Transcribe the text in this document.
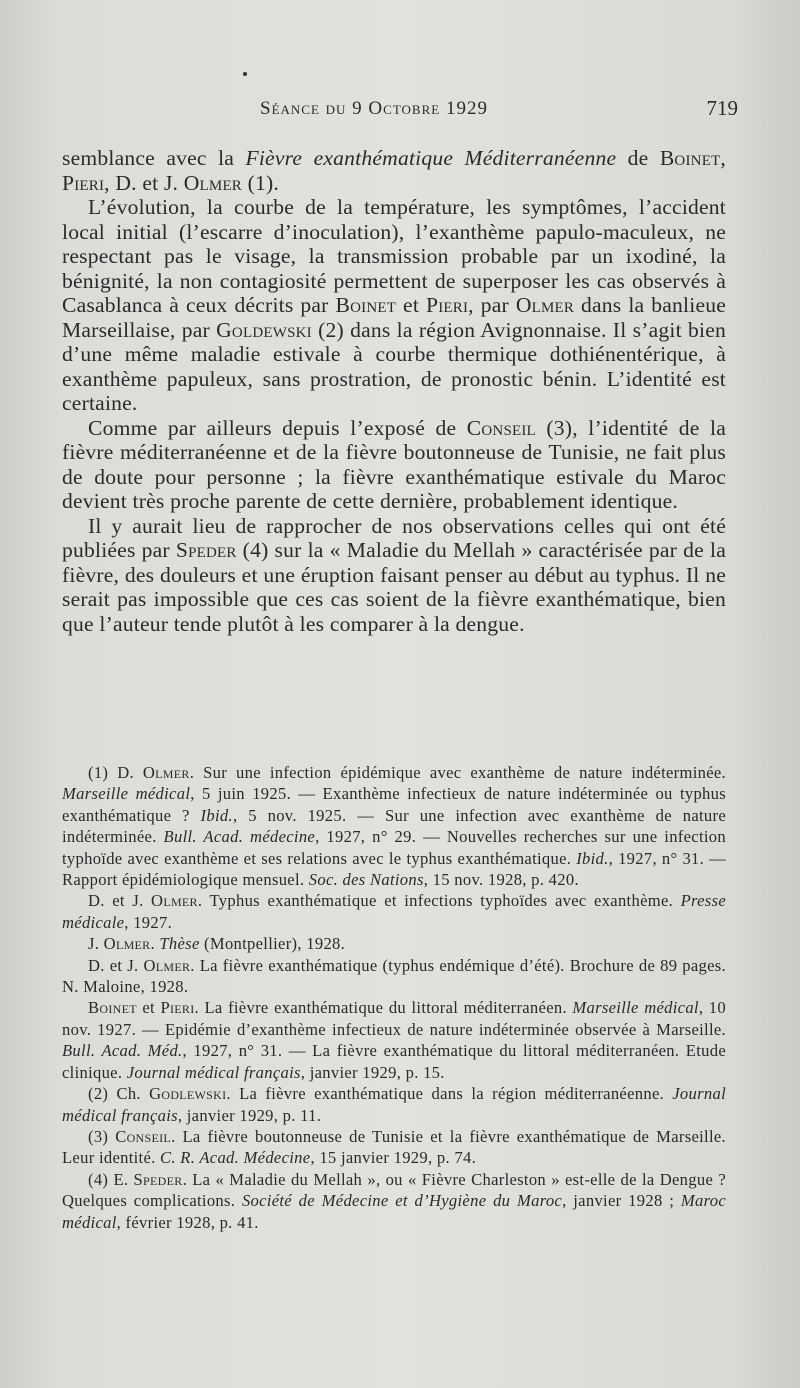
Séance du 9 Octobre 1929	719

semblance avec la Fièvre exanthématique Méditerranéenne de Boinet, Pieri, D. et J. Olmer (1).

L’évolution, la courbe de la température, les symptômes, l’accident local initial (l’escarre d’inoculation), l’exanthème papulo-maculeux, ne respectant pas le visage, la transmission probable par un ixodiné, la bénignité, la non contagiosité permettent de superposer les cas observés à Casablanca à ceux décrits par Boinet et Pieri, par Olmer dans la banlieue Marseillaise, par Goldewski (2) dans la région Avignonnaise. Il s’agit bien d’une même maladie estivale à courbe thermique dothiénentérique, à exanthème papuleux, sans prostration, de pronostic bénin. L’identité est certaine.

Comme par ailleurs depuis l’exposé de Conseil (3), l’identité de la fièvre méditerranéenne et de la fièvre boutonneuse de Tunisie, ne fait plus de doute pour personne ; la fièvre exanthématique estivale du Maroc devient très proche parente de cette dernière, probablement identique.

Il y aurait lieu de rapprocher de nos observations celles qui ont été publiées par Speder (4) sur la « Maladie du Mellah » caractérisée par de la fièvre, des douleurs et une éruption faisant penser au début au typhus. Il ne serait pas impossible que ces cas soient de la fièvre exanthématique, bien que l’auteur tende plutôt à les comparer à la dengue.

(1) D. Olmer. Sur une infection épidémique avec exanthème de nature indéterminée. Marseille médical, 5 juin 1925. — Exanthème infectieux de nature indéterminée ou typhus exanthématique ? Ibid., 5 nov. 1925. — Sur une infection avec exanthème de nature indéterminée. Bull. Acad. médecine, 1927, n° 29. — Nouvelles recherches sur une infection typhoïde avec exanthème et ses relations avec le typhus exanthématique. Ibid., 1927, n° 31. — Rapport épidémiologique mensuel. Soc. des Nations, 15 nov. 1928, p. 420.

D. et J. Olmer. Typhus exanthématique et infections typhoïdes avec exanthème. Presse médicale, 1927.

J. Olmer. Thèse (Montpellier), 1928.

D. et J. Olmer. La fièvre exanthématique (typhus endémique d’été). Brochure de 89 pages. N. Maloine, 1928.

Boinet et Pieri. La fièvre exanthématique du littoral méditerranéen. Marseille médical, 10 nov. 1927. — Epidémie d’exanthème infectieux de nature indéterminée observée à Marseille. Bull. Acad. Méd., 1927, n° 31. — La fièvre exanthématique du littoral méditerranéen. Etude clinique. Journal médical français, janvier 1929, p. 15.

(2) Ch. Godlewski. La fièvre exanthématique dans la région méditerranéenne. Journal médical français, janvier 1929, p. 11.

(3) Conseil. La fièvre boutonneuse de Tunisie et la fièvre exanthématique de Marseille. Leur identité. C. R. Acad. Médecine, 15 janvier 1929, p. 74.

(4) E. Speder. La « Maladie du Mellah », ou « Fièvre Charleston » est-elle de la Dengue ? Quelques complications. Société de Médecine et d’Hygiène du Maroc, janvier 1928 ; Maroc médical, février 1928, p. 41.
